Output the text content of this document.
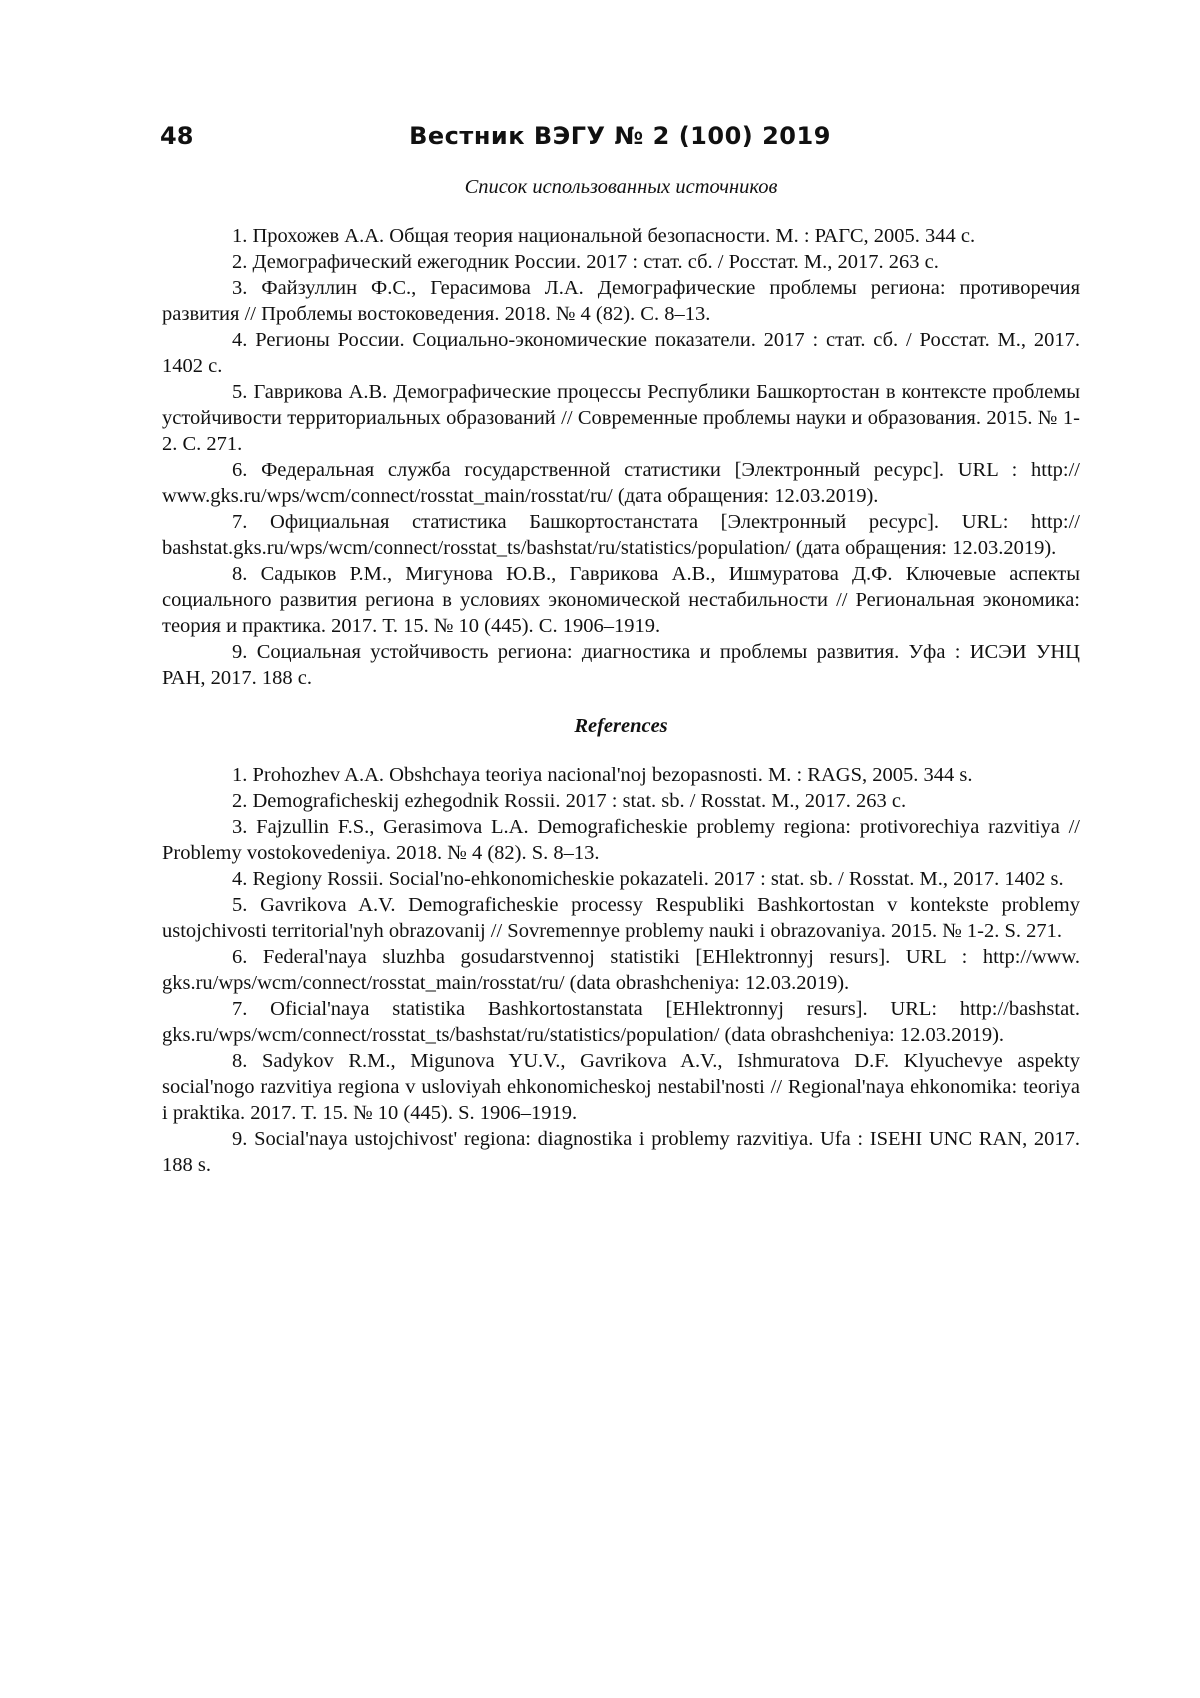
48	Вестник ВЭГУ № 2 (100) 2019
Список использованных источников

1. Прохожев А.А. Общая теория национальной безопасности. М. : РАГС, 2005. 344 с.

2. Демографический ежегодник России. 2017 : стат. сб. / Росстат. М., 2017. 263 с.

3. Файзуллин Ф.С., Герасимова Л.А. Демографические проблемы региона: противоречия развития // Проблемы востоковедения. 2018. № 4 (82). С. 8–13.

4. Регионы России. Социально-экономические показатели. 2017 : стат. сб. / Росстат. М., 2017. 1402 с.

5. Гаврикова А.В. Демографические процессы Республики Башкортостан в контексте проблемы устойчивости территориальных образований // Современные проблемы науки и образования. 2015. № 1-2. С. 271.

6. Федеральная служба государственной статистики [Электронный ресурс]. URL : http:// www.gks.ru/wps/wcm/connect/rosstat_main/rosstat/ru/ (дата обращения: 12.03.2019).

7. Официальная статистика Башкортостанстата [Электронный ресурс]. URL: http:// bashstat.gks.ru/wps/wcm/connect/rosstat_ts/bashstat/ru/statistics/population/ (дата обращения: 12.03.2019).

8. Садыков Р.М., Мигунова Ю.В., Гаврикова А.В., Ишмуратова Д.Ф. Ключевые аспекты социального развития региона в условиях экономической нестабильности // Региональная экономика: теория и практика. 2017. Т. 15. № 10 (445). С. 1906–1919.

9. Социальная устойчивость региона: диагностика и проблемы развития. Уфа : ИСЭИ УНЦ РАН, 2017. 188 с.

References

1. Prohozhev A.A. Obshchaya teoriya nacional'noj bezopasnosti. M. : RAGS, 2005. 344 s.

2. Demograficheskij ezhegodnik Rossii. 2017 : stat. sb. / Rosstat. M., 2017. 263 c.

3. Fajzullin F.S., Gerasimova L.A. Demograficheskie problemy regiona: protivorechiya razvitiya // Problemy vostokovedeniya. 2018. № 4 (82). S. 8–13.

4. Regiony Rossii. Social'no-ehkonomicheskie pokazateli. 2017 : stat. sb. / Rosstat. M., 2017. 1402 s.

5. Gavrikova A.V. Demograficheskie processy Respubliki Bashkortostan v kontekste problemy ustojchivosti territorial'nyh obrazovanij // Sovremennye problemy nauki i obrazovaniya. 2015. № 1-2. S. 271.

6. Federal'naya sluzhba gosudarstvennoj statistiki [EHlektronnyj resurs]. URL : http://www. gks.ru/wps/wcm/connect/rosstat_main/rosstat/ru/ (data obrashcheniya: 12.03.2019).

7. Oficial'naya statistika Bashkortostanstata [EHlektronnyj resurs]. URL: http://bashstat. gks.ru/wps/wcm/connect/rosstat_ts/bashstat/ru/statistics/population/ (data obrashcheniya: 12.03.2019).

8. Sadykov R.M., Migunova YU.V., Gavrikova A.V., Ishmuratova D.F. Klyuchevye aspekty social'nogo razvitiya regiona v usloviyah ehkonomicheskoj nestabil'nosti // Regional'naya ehkonomika: teoriya i praktika. 2017. T. 15. № 10 (445). S. 1906–1919.

9. Social'naya ustojchivost' regiona: diagnostika i problemy razvitiya. Ufa : ISEHI UNC RAN, 2017. 188 s.
